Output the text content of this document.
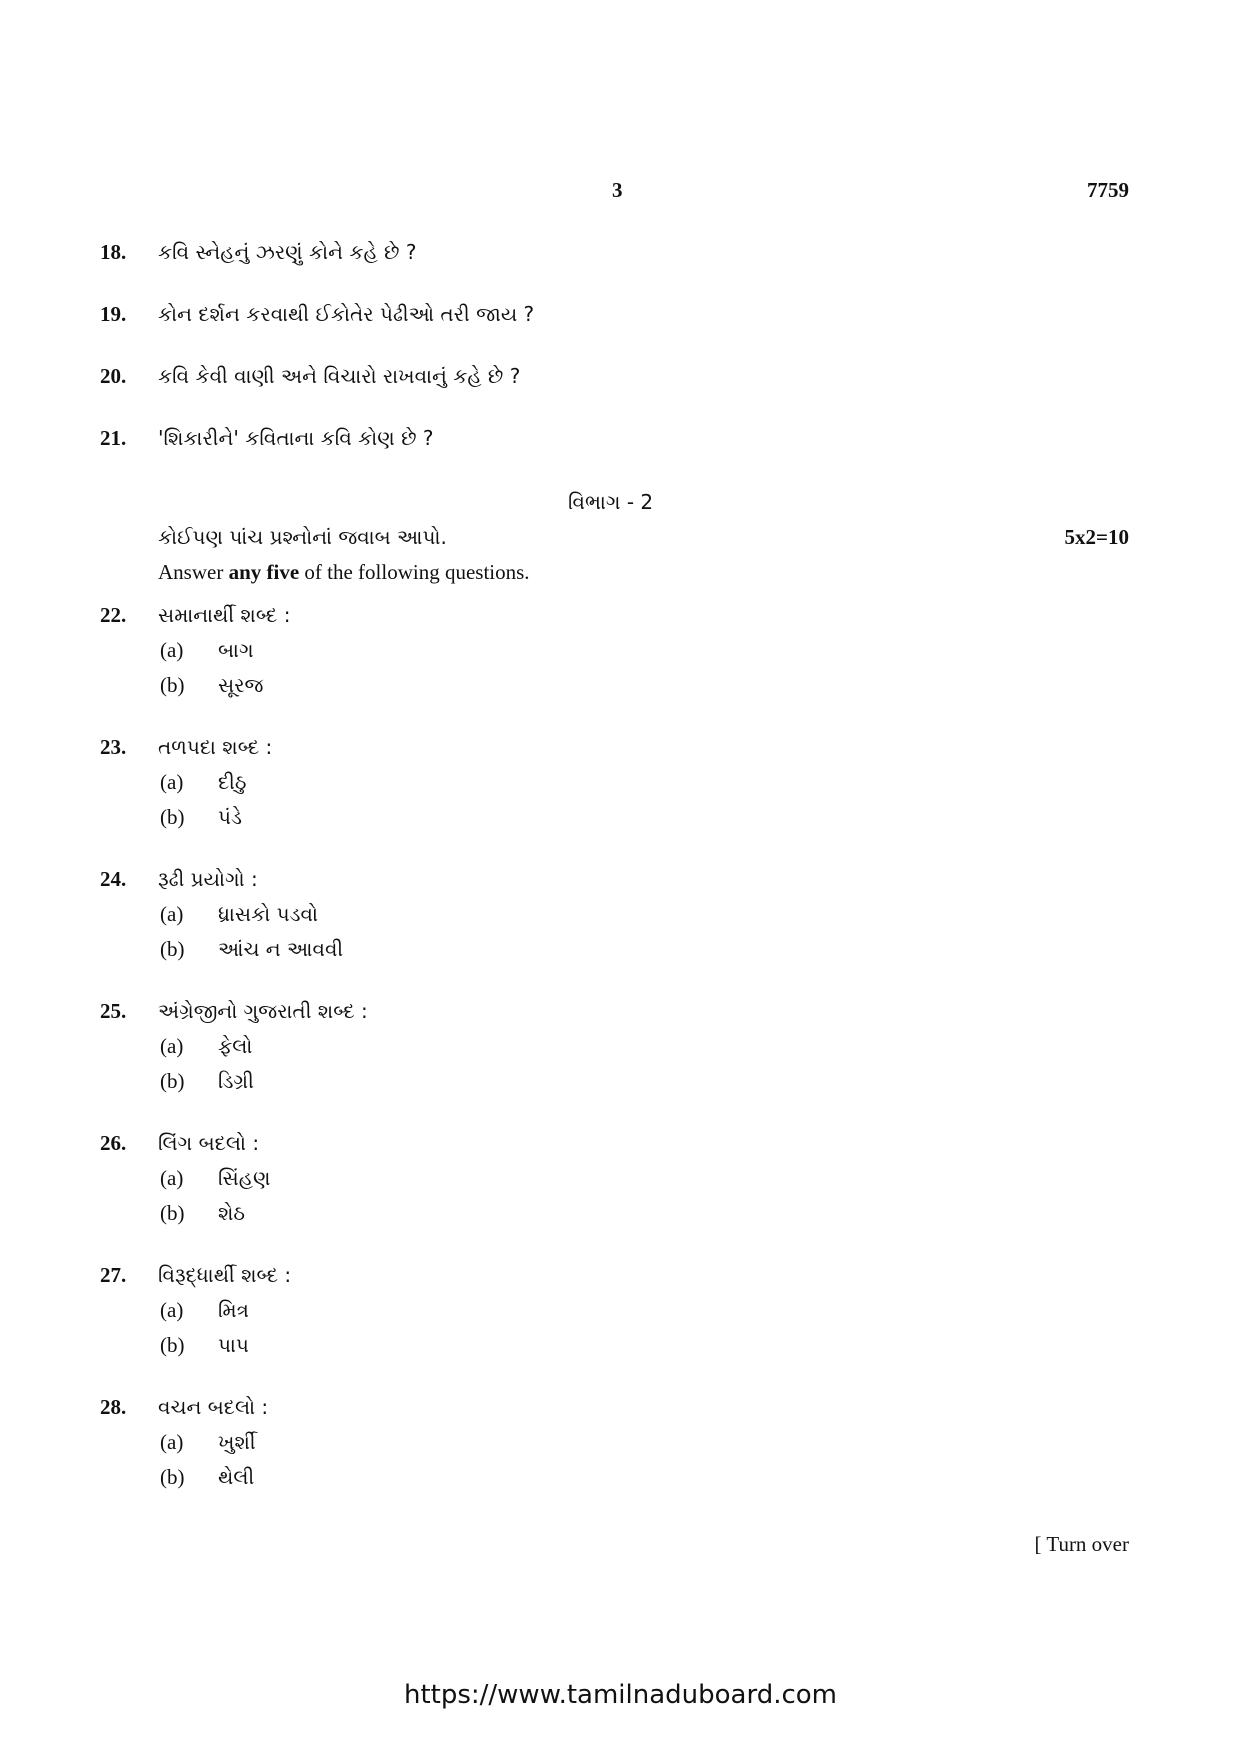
3	7759
18. કવિ સ્નેહનું ઝરણું કોને કહે છે ?
19. કોન દર્શન કરવાથી ઈકોતેર પેઢીઓ તરી જાય ?
20. કવિ કેવી વાણી અને વિચારો રાખવાનું કહે છે ?
21. 'શિકારીને' કવિતાના કવિ કોણ છે ?
વિભાગ - 2
કોઈપણ પાંચ પ્રશ્નોનાં જવાબ આપો.	5x2=10
Answer any five of the following questions.
22. સમાનાર્થી શબ્દ :
(a) બાગ
(b) સૂરજ
23. તળપદા શબ્દ :
(a) દીઠુ
(b) પંડે
24. રૂઢી પ્રયોગો :
(a) ધ્રાસકો પડવો
(b) આંચ ન આવવી
25. અંગ્રેજીનો ગુજરાતી શબ્દ :
(a) ફેલો
(b) ડિગ્રી
26. લિંગ બદલો :
(a) સિંહણ
(b) શેઠ
27. વિરૂદ્ધાર્થી શબ્દ :
(a) મિત્ર
(b) પાપ
28. વચન બદલો :
(a) ખુર્શી
(b) થેલી
[ Turn over
https://www.tamilnaduboard.com
